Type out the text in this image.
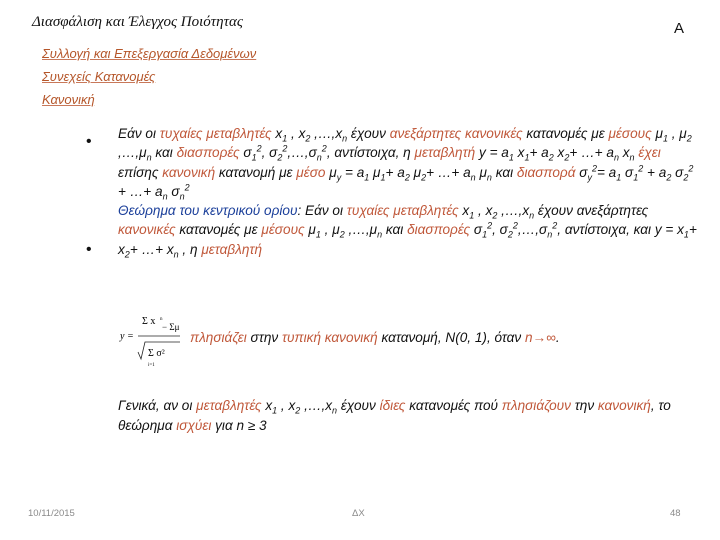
Διασφάλιση και Έλεγχος Ποιότητας	A
Συλλογή και Επεξεργασία Δεδομένων
Συνεχείς Κατανομές
Κανονική
•
•

Εάν οι τυχαίες μεταβλητές $x_1$ , $x_2$ $,\dots,x_n$ έχουν ανεξάρτητες κανονικές κατανομές με μέσους $\mu_1$ , $\mu_2$ $,\dots,\mu_n$ και διασπορές $\sigma_1^2$, $\sigma_2^2,\dots,\sigma_n^2$, αντίστοιχα, η μεταβλητή $y = a_1$ $x_1+ a_2$ $x_2+$ …+ $a_n$ $x_n$ έχει επίσης κανονική κατανομή με μέσο $\mu_y = a_1$ $\mu_1+ a_2$ $\mu_2+$ …+ $a_n$ $\mu_n$ και διασπορά $\sigma_y^2= a_1$ $\sigma_1^2 + a_2$ $\sigma_2^2$ + …+ $a_n$ $\sigma_n^2$

Θεώρημα του κεντρικού ορίου: Εάν οι τυχαίες μεταβλητές $x_1$ , $x_2$ $,\dots,x_n$ έχουν ανεξάρτητες κανονικές κατανομές με μέσους $\mu_1$ , $\mu_2$ $,\dots,\mu_n$ και διασπορές $\sigma_1^2$, $\sigma_2^2,\dots,\sigma_n^2$, αντίστοιχα, και $y = x_1+ x_2+$ …+ $x_n$ , η μεταβλητή

y =
Σ x n
− Σμ
Σ σ²
i=1
πλησιάζει στην τυπική κανονική κατανομή, N(0, 1), όταν n→∞.
Γενικά, αν οι μεταβλητές $x_1$ , $x_2$ $,\dots,x_n$ έχουν ίδιες κατανομές πού πλησιάζουν την κανονική, το θεώρημα ισχύει για n ≥ 3
10/11/2015	ΔΧ	48
